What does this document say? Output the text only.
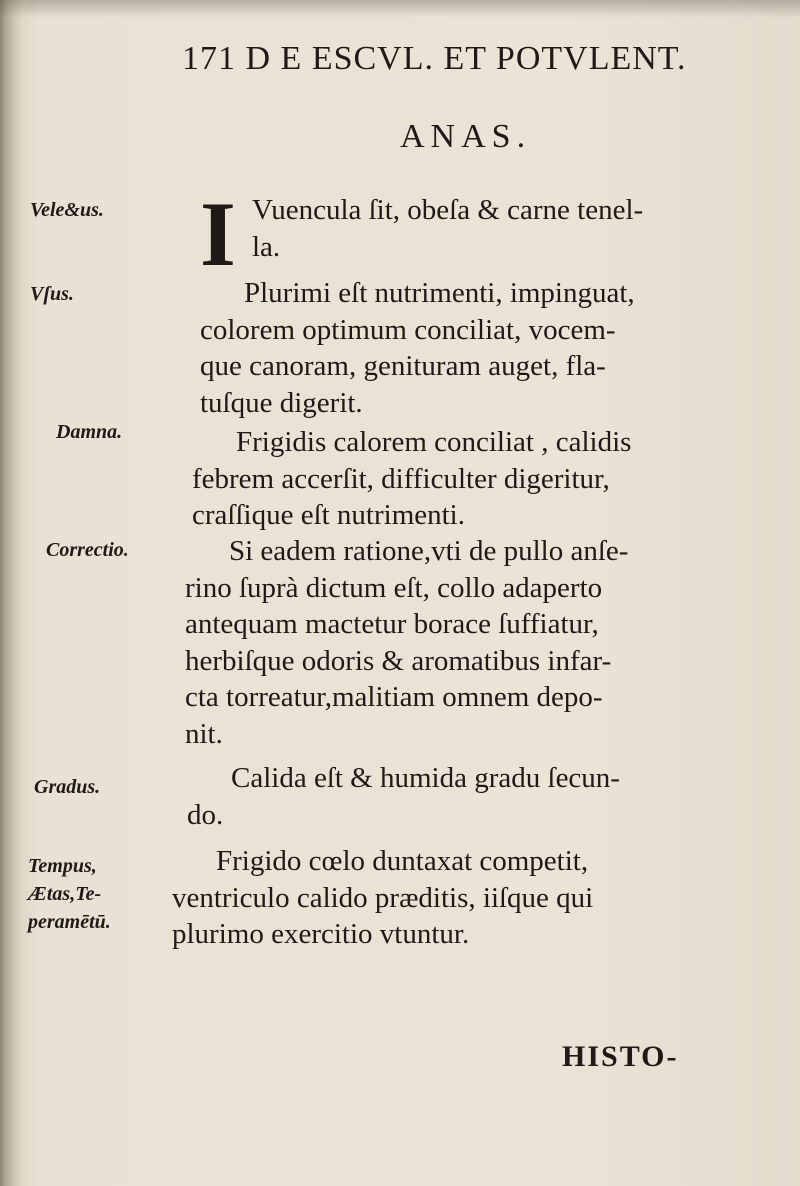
171 D E ESCVL. ET POTVLENT.
ANAS.
Vele&us.	I Vuencula ſit, obeſa & carne tenel-
la.
Vſus.	Plurimi eſt nutrimenti, impinguat,
colorem optimum conciliat, vocem-
que canoram, genituram auget, fla-
tuſque digerit.
Damna.	Frigidis calorem conciliat , calidis
febrem accerſit, difficulter digeritur,
craſſique eſt nutrimenti.
Correctio.	Si eadem ratione,vti de pullo anſe-
rino ſuprà dictum eſt, collo adaperto
antequam mactetur borace ſuffiatur,
herbiſque odoris & aromatibus infar-
cta torreatur,malitiam omnem depo-
nit.
Gradus.	Calida eſt & humida gradu ſecun-
do.
Tempus,
Ætas,Te-
peramētū.
Frigido cœlo duntaxat competit,
ventriculo calido præditis, iiſque qui
plurimo exercitio vtuntur.
HISTO-
